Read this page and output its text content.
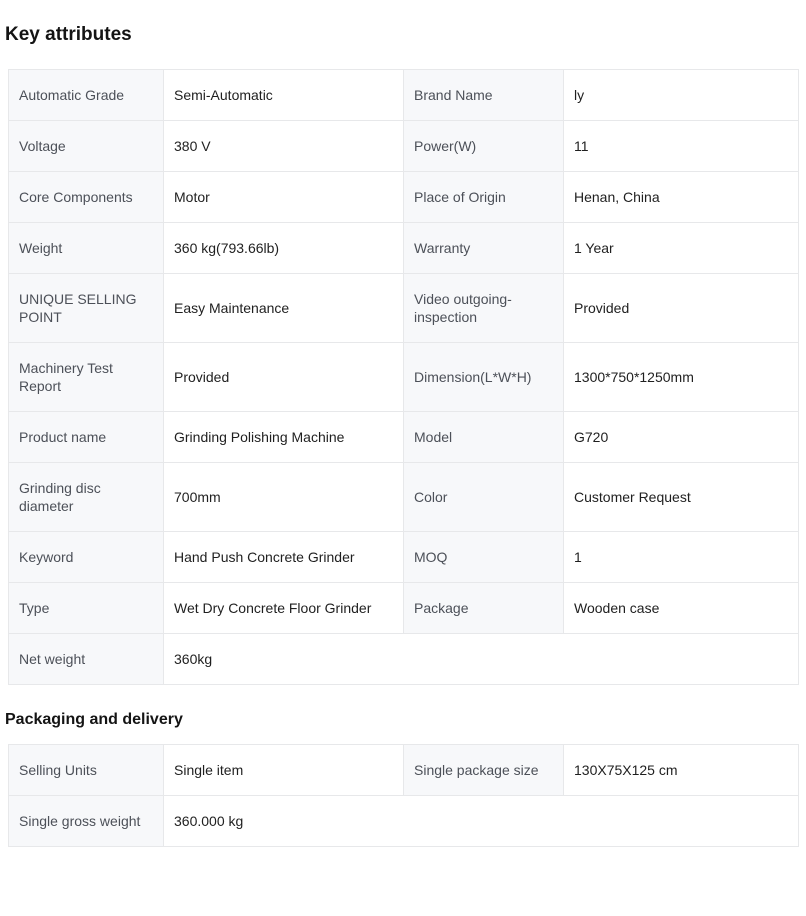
Key attributes
Automatic Grade	Semi-Automatic	Brand Name	ly
Voltage	380 V	Power(W)	11
Core Components	Motor	Place of Origin	Henan, China
Weight	360 kg(793.66lb)	Warranty	1 Year
UNIQUE SELLING POINT	Easy Maintenance	Video outgoing-inspection	Provided
Machinery Test Report	Provided	Dimension(L*W*H)	1300*750*1250mm
Product name	Grinding Polishing Machine	Model	G720
Grinding disc diameter	700mm	Color	Customer Request
Keyword	Hand Push Concrete Grinder	MOQ	1
Type	Wet Dry Concrete Floor Grinder	Package	Wooden case
Net weight	360kg		
Packaging and delivery
Selling Units	Single item	Single package size	130X75X125 cm
Single gross weight	360.000 kg		
